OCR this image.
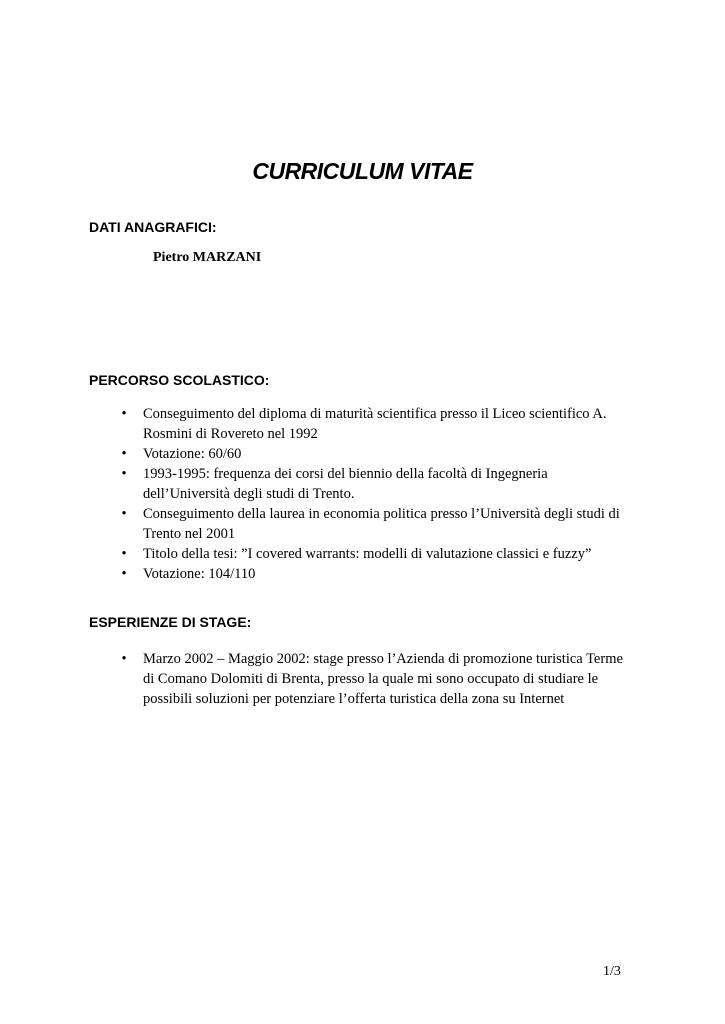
CURRICULUM VITAE
DATI ANAGRAFICI:

Pietro MARZANI

PERCORSO SCOLASTICO:
• Conseguimento del diploma di maturità scientifica presso il Liceo scientifico A. Rosmini di Rovereto nel 1992
• Votazione: 60/60
• 1993-1995: frequenza dei corsi del biennio della facoltà di Ingegneria dell’Università degli studi di Trento.
• Conseguimento della laurea in economia politica presso l’Università degli studi di Trento nel 2001
• Titolo della tesi: ”I covered warrants: modelli di valutazione classici e fuzzy”
• Votazione: 104/110
ESPERIENZE DI STAGE:
• Marzo 2002 – Maggio 2002: stage presso l’Azienda di promozione turistica Terme di Comano Dolomiti di Brenta, presso la quale mi sono occupato di studiare le possibili soluzioni per potenziare l’offerta turistica della zona su Internet

1/3
